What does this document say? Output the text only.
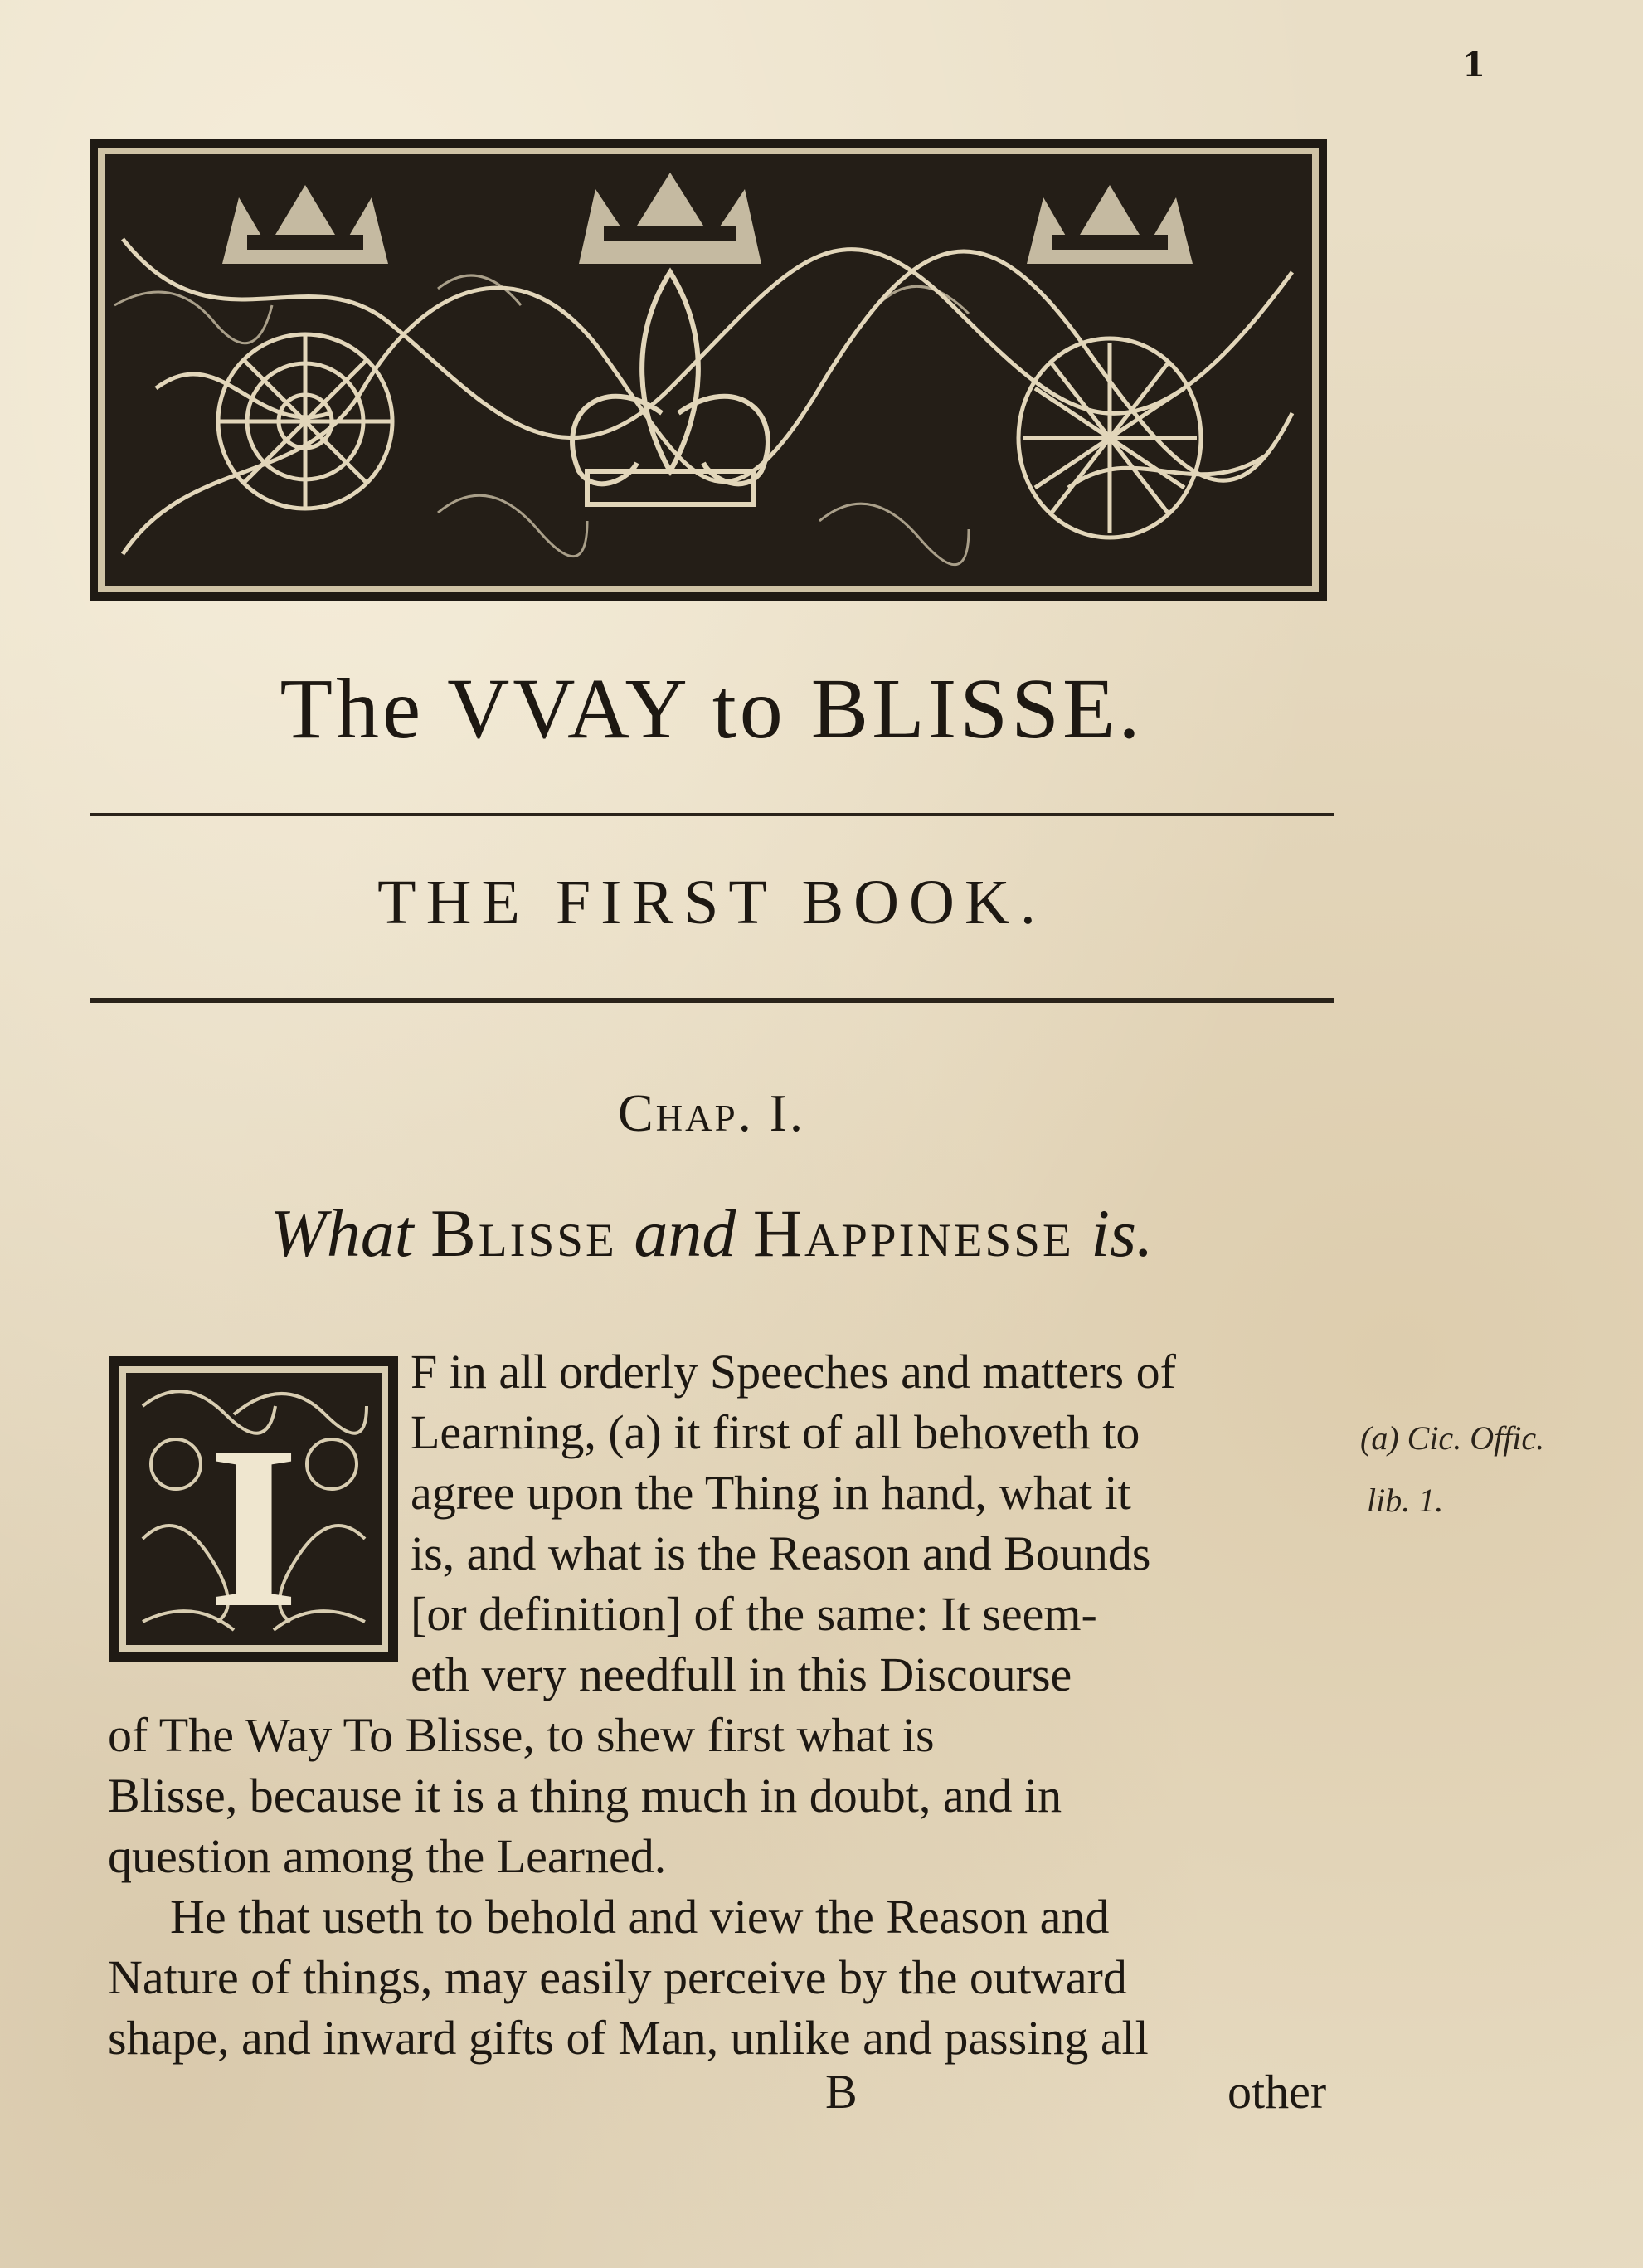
1
The VVAY to BLISSE.
THE FIRST BOOK.
Chap. I.
What Blisse and Happinesse is.
I
F in all orderly Speeches and matters of
Learning, (a) it first of all behoveth to
agree upon the Thing in hand, what it
is, and what is the Reason and Bounds
[or definition] of the same: It seem-
eth very needfull in this Discourse
of The Way To Blisse, to shew first what is
Blisse, because it is a thing much in doubt, and in
question among the Learned.
He that useth to behold and view the Reason and
Nature of things, may easily perceive by the outward
shape, and inward gifts of Man, unlike and passing all
(a) Cic. Offic.
lib. 1.
B	other
